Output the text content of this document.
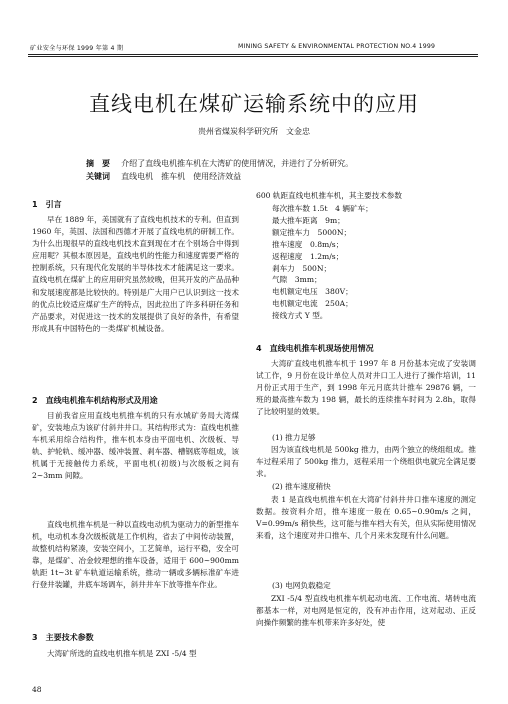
矿业安全与环保 1999 年第 4 期	MINING SAFETY & ENVIRONMENTAL PROTECTION NO.4 1999
直线电机在煤矿运输系统中的应用
贵州省煤炭科学研究所　文金忠
摘　要 介绍了直线电机推车机在大湾矿的使用情况，并进行了分析研究。
关键词 直线电机　推车机　使用经济效益
1　引言
早在 1889 年，美国就有了直线电机技术的专利。但直到 1960 年，英国、法国和西德才开展了直线电机的研制工作。为什么出现很早的直线电机技术直到现在才在个别场合中得到应用呢？其根本原因是，直线电机的性能力和速度需要严格的控制系统，只有现代化发展的半导体技术才能满足这一要求。直线电机在煤矿上的应用研究虽然较晚，但其开发的产品品种和发展速度都是比较快的。特别是广大用户已认识到这一技术的优点比较适应煤矿生产的特点，因此拉出了许多科研任务和产品要求，对促进这一技术的发展提供了良好的条件，有希望形成具有中国特色的一类煤矿机械设备。
2　直线电机推车机结构形式及用途
目前我省应用直线电机推车机的只有水城矿务局大湾煤矿，安装地点为该矿付斜井井口。其结构形式为：直线电机推车机采用综合结构件，推车机本身由平面电机、次级板、导轨、护轮轨、缓冲器、缓冲装置、剎车器、槽钢底等组成，该机属于无接触传力系统，平面电机(初级)与次级板之间有 2~3mm 间隙。
直线电机推车机是一种以直线电动机为驱动力的新型推车机，电动机本身次级板就是工作机构，省去了中间传动装置，故整机结构紧凑，安装空间小，工艺简单，运行平稳，安全可靠，是煤矿、冶金较理想的推车设备，适用于 600~900mm 轨距 1t~3t 矿车轨道运输系统，推动一辆或多辆标准矿车进行登井装罐，井底车场调车，斜井井车下放等推车作业。
3　主要技术参数
大湾矿所选的直线电机推车机是 ZXI -5/4 型
48
600 轨距直线电机推车机，其主要技术参数
每次推车数 1.5t　4 辆矿车；
最大推车距离　9m；
额定推车力　5000N；
推车速度　0.8m/s；
返程速度　1.2m/s；
剎车力　500N；
气隙　3mm；
电机额定电压　380V；
电机额定电流　250A；
接线方式 Y 型。
4　直线电机推车机现场使用情况
大湾矿直线电机推车机于 1997 年 8 月份基本完成了安装调试工作，9 月份在设计单位人员对井口工人进行了操作培训，11 月份正式用于生产，到 1998 年元月底共计推车 29876 辆，一班的最高推车数为 198 辆，最长的连续推车时间为 2.8h，取得了比较明显的效果。
(1) 推力足够
因为该直线电机是 500kg 推力，由两个独立的绕组组成。推车过程采用了 500kg 推力，返程采用一个绕组供电就完全满足要求。
(2) 推车速度稍快
表 1 是直线电机推车机在大湾矿付斜井井口推车速度的测定数据。按资料介绍，推车速度一般在 0.65~0.90m/s 之间，V=0.99m/s 稍快些，这可能与推车档大有关，但从实际使用情况来看，这个速度对井口推车、几个月来未发现有什么问题。
(3) 电网负载稳定
ZXI -5/4 型直线电机推车机起动电流、工作电流、堵转电流都基本一样，对电网是恒定的，没有冲击作用，这对起动、正反向操作频繁的推车机带来许多好处，使
